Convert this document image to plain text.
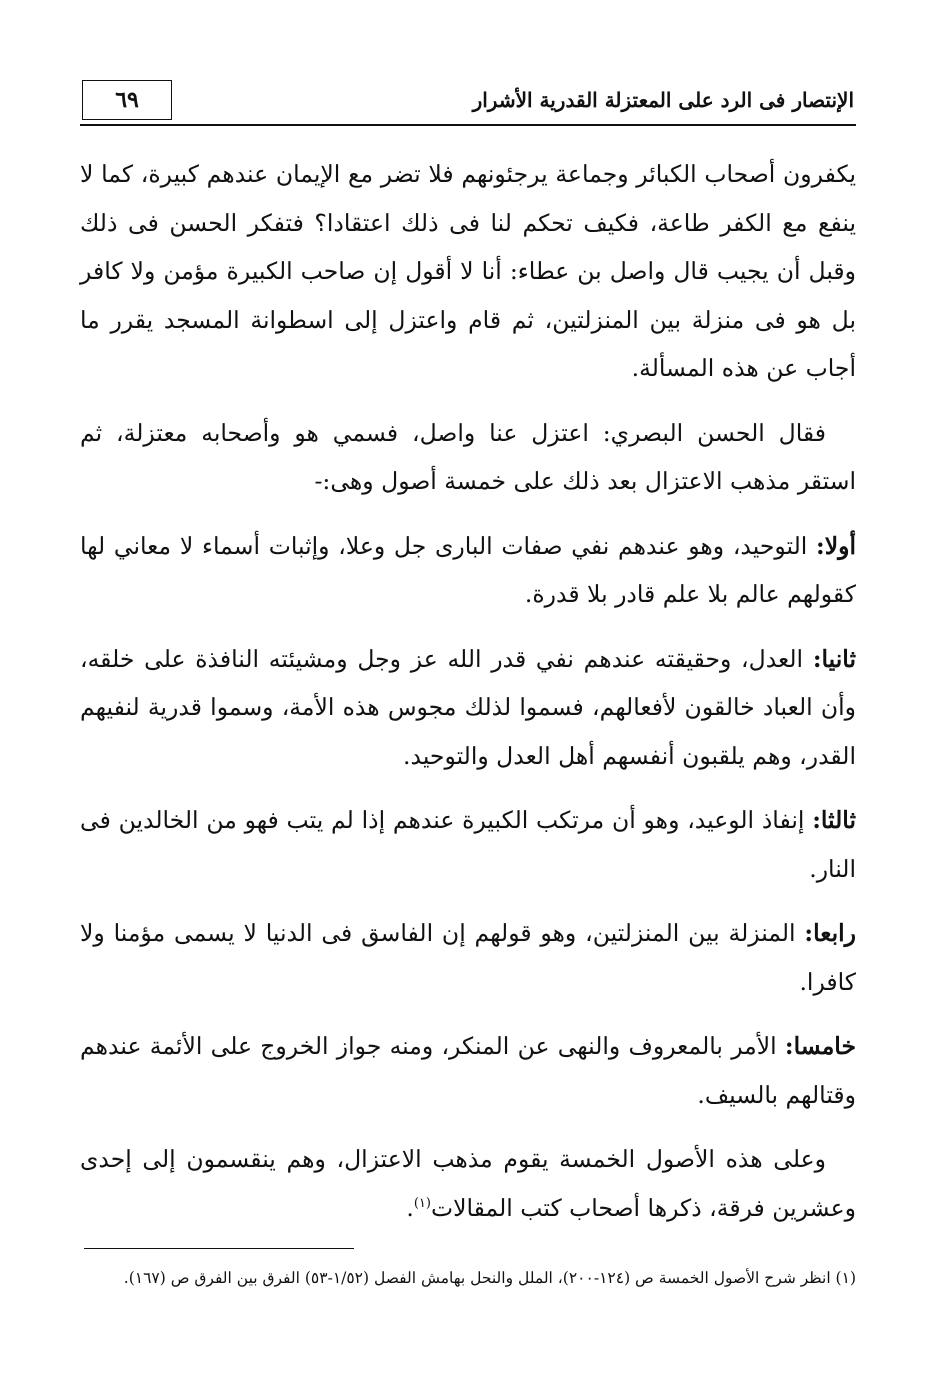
الإنتصار فى الرد على المعتزلة القدرية الأشرار
٦٩

يكفرون أصحاب الكبائر وجماعة يرجئونهم فلا تضر مع الإيمان عندهم كبيرة، كما لا ينفع مع الكفر طاعة، فكيف تحكم لنا فى ذلك اعتقادا؟ فتفكر الحسن فى ذلك وقبل أن يجيب قال واصل بن عطاء: أنا لا أقول إن صاحب الكبيرة مؤمن ولا كافر بل هو فى منزلة بين المنزلتين، ثم قام واعتزل إلى اسطوانة المسجد يقرر ما أجاب عن هذه المسألة.

فقال الحسن البصري: اعتزل عنا واصل، فسمي هو وأصحابه معتزلة، ثم استقر مذهب الاعتزال بعد ذلك على خمسة أصول وهى:-

أولا: التوحيد، وهو عندهم نفي صفات البارى جل وعلا، وإثبات أسماء لا معاني لها كقولهم عالم بلا علم قادر بلا قدرة.

ثانيا: العدل، وحقيقته عندهم نفي قدر الله عز وجل ومشيئته النافذة على خلقه، وأن العباد خالقون لأفعالهم، فسموا لذلك مجوس هذه الأمة، وسموا قدرية لنفيهم القدر، وهم يلقبون أنفسهم أهل العدل والتوحيد.

ثالثا: إنفاذ الوعيد، وهو أن مرتكب الكبيرة عندهم إذا لم يتب فهو من الخالدين فى النار.

رابعا: المنزلة بين المنزلتين، وهو قولهم إن الفاسق فى الدنيا لا يسمى مؤمنا ولا كافرا.

خامسا: الأمر بالمعروف والنهى عن المنكر، ومنه جواز الخروج على الأئمة عندهم وقتالهم بالسيف.

وعلى هذه الأصول الخمسة يقوم مذهب الاعتزال، وهم ينقسمون إلى إحدى وعشرين فرقة، ذكرها أصحاب كتب المقالات$^{(١)}$.

(١) انظر شرح الأصول الخمسة ص (١٢٤-٢٠٠)، الملل والنحل بهامش الفصل (١/٥٢-٥٣) الفرق بين الفرق ص (١٦٧).
